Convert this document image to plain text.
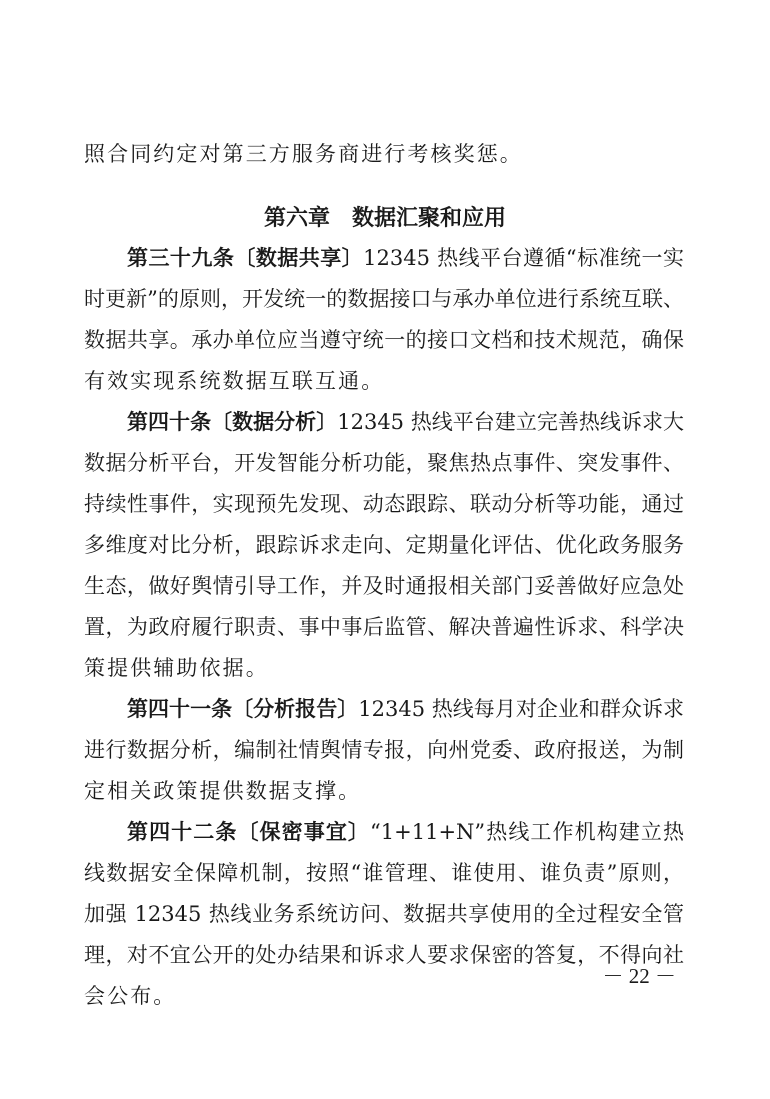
照合同约定对第三方服务商进行考核奖惩。
第六章　数据汇聚和应用
第三十九条〔数据共享〕12345 热线平台遵循“标准统一实
时更新”的原则，开发统一的数据接口与承办单位进行系统互联、
数据共享。承办单位应当遵守统一的接口文档和技术规范，确保
有效实现系统数据互联互通。
第四十条〔数据分析〕12345 热线平台建立完善热线诉求大
数据分析平台，开发智能分析功能，聚焦热点事件、突发事件、
持续性事件，实现预先发现、动态跟踪、联动分析等功能，通过
多维度对比分析，跟踪诉求走向、定期量化评估、优化政务服务
生态，做好舆情引导工作，并及时通报相关部门妥善做好应急处
置，为政府履行职责、事中事后监管、解决普遍性诉求、科学决
策提供辅助依据。
第四十一条〔分析报告〕12345 热线每月对企业和群众诉求
进行数据分析，编制社情舆情专报，向州党委、政府报送，为制
定相关政策提供数据支撑。
第四十二条〔保密事宜〕“1+11+N”热线工作机构建立热
线数据安全保障机制，按照“谁管理、谁使用、谁负责”原则，
加强 12345 热线业务系统访问、数据共享使用的全过程安全管
理，对不宜公开的处办结果和诉求人要求保密的答复，不得向社
会公布。
－ 22 －
